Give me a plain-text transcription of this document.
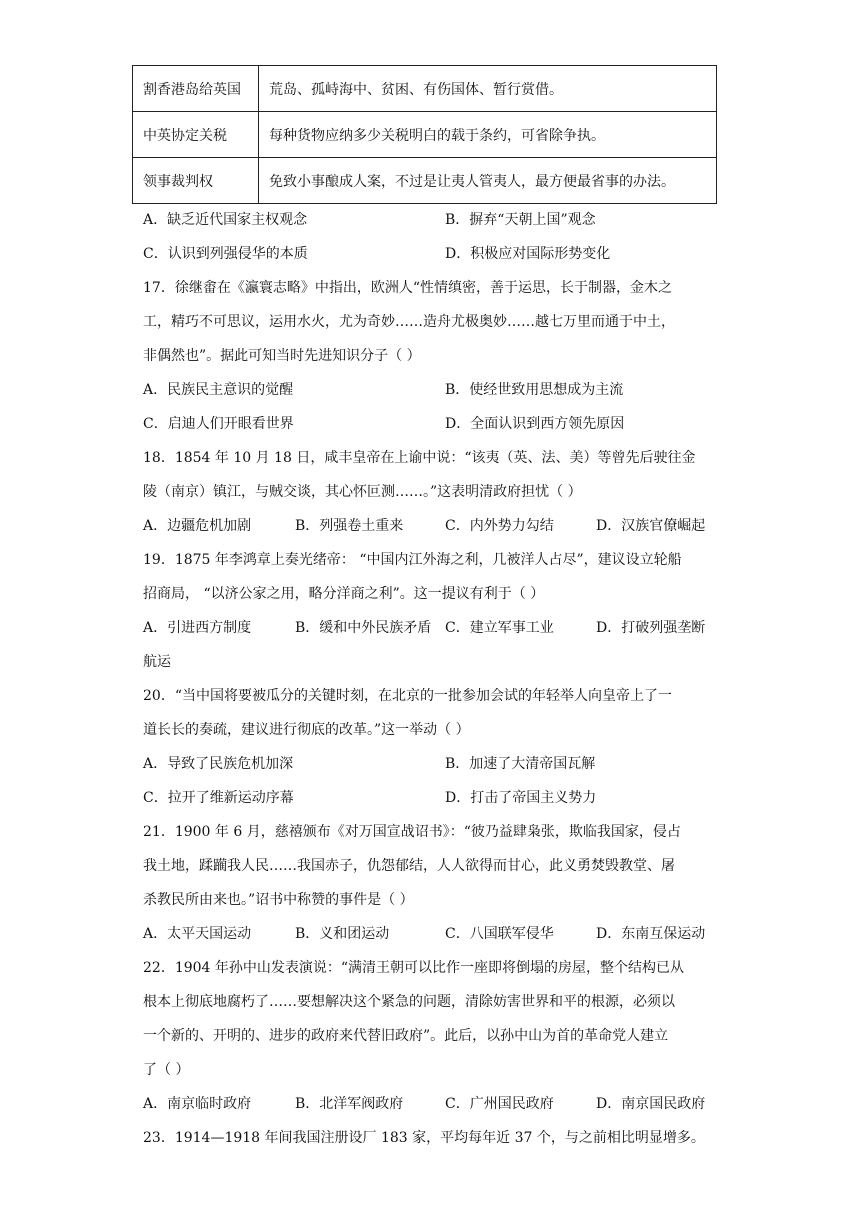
割香港岛给英国	荒岛、孤峙海中、贫困、有伤国体、暂行赏借。
中英协定关税	每种货物应纳多少关税明白的载于条约，可省除争执。
领事裁判权	免致小事酿成人案，不过是让夷人管夷人，最方便最省事的办法。
A．缺乏近代国家主权观念	B．摒弃“天朝上国”观念
C．认识到列强侵华的本质	D．积极应对国际形势变化
17．徐继畬在《瀛寰志略》中指出，欧洲人“性情缜密，善于运思，长于制器，金木之
工，精巧不可思议，运用水火，尤为奇妙……造舟尤极奥妙……越七万里而通于中土，
非偶然也”。据此可知当时先进知识分子（ ）
A．民族民主意识的觉醒	B．使经世致用思想成为主流
C．启迪人们开眼看世界	D．全面认识到西方领先原因
18．1854 年 10 月 18 日，咸丰皇帝在上谕中说：“该夷（英、法、美）等曾先后驶往金
陵（南京）镇江，与贼交谈，其心怀叵测……。”这表明清政府担忧（ ）
A．边疆危机加剧	B．列强卷土重来	C．内外势力勾结	D．汉族官僚崛起
19．1875 年李鸿章上奏光绪帝： “中国内江外海之利，几被洋人占尽”，建议设立轮船
招商局， “以济公家之用，略分洋商之利”。这一提议有利于（ ）
A．引进西方制度	B．缓和中外民族矛盾 C．建立军事工业	D．打破列强垄断
航运
20．“当中国将要被瓜分的关键时刻，在北京的一批参加会试的年轻举人向皇帝上了一
道长长的奏疏，建议进行彻底的改革。”这一举动（ ）
A．导致了民族危机加深	B．加速了大清帝国瓦解
C．拉开了维新运动序幕	D．打击了帝国主义势力
21．1900 年 6 月，慈禧颁布《对万国宣战诏书》：“彼乃益肆枭张，欺临我国家，侵占
我土地，蹂躏我人民……我国赤子，仇怨郁结，人人欲得而甘心，此义勇焚毁教堂、屠
杀教民所由来也。”诏书中称赞的事件是（ ）
A．太平天国运动	B．义和团运动	C．八国联军侵华	D．东南互保运动
22．1904 年孙中山发表演说：“满清王朝可以比作一座即将倒塌的房屋，整个结构已从
根本上彻底地腐朽了……要想解决这个紧急的问题，清除妨害世界和平的根源，必须以
一个新的、开明的、进步的政府来代替旧政府”。此后，以孙中山为首的革命党人建立
了（ ）
A．南京临时政府	B．北洋军阀政府	C．广州国民政府	D．南京国民政府
23．1914—1918 年间我国注册设厂 183 家，平均每年近 37 个，与之前相比明显增多。
